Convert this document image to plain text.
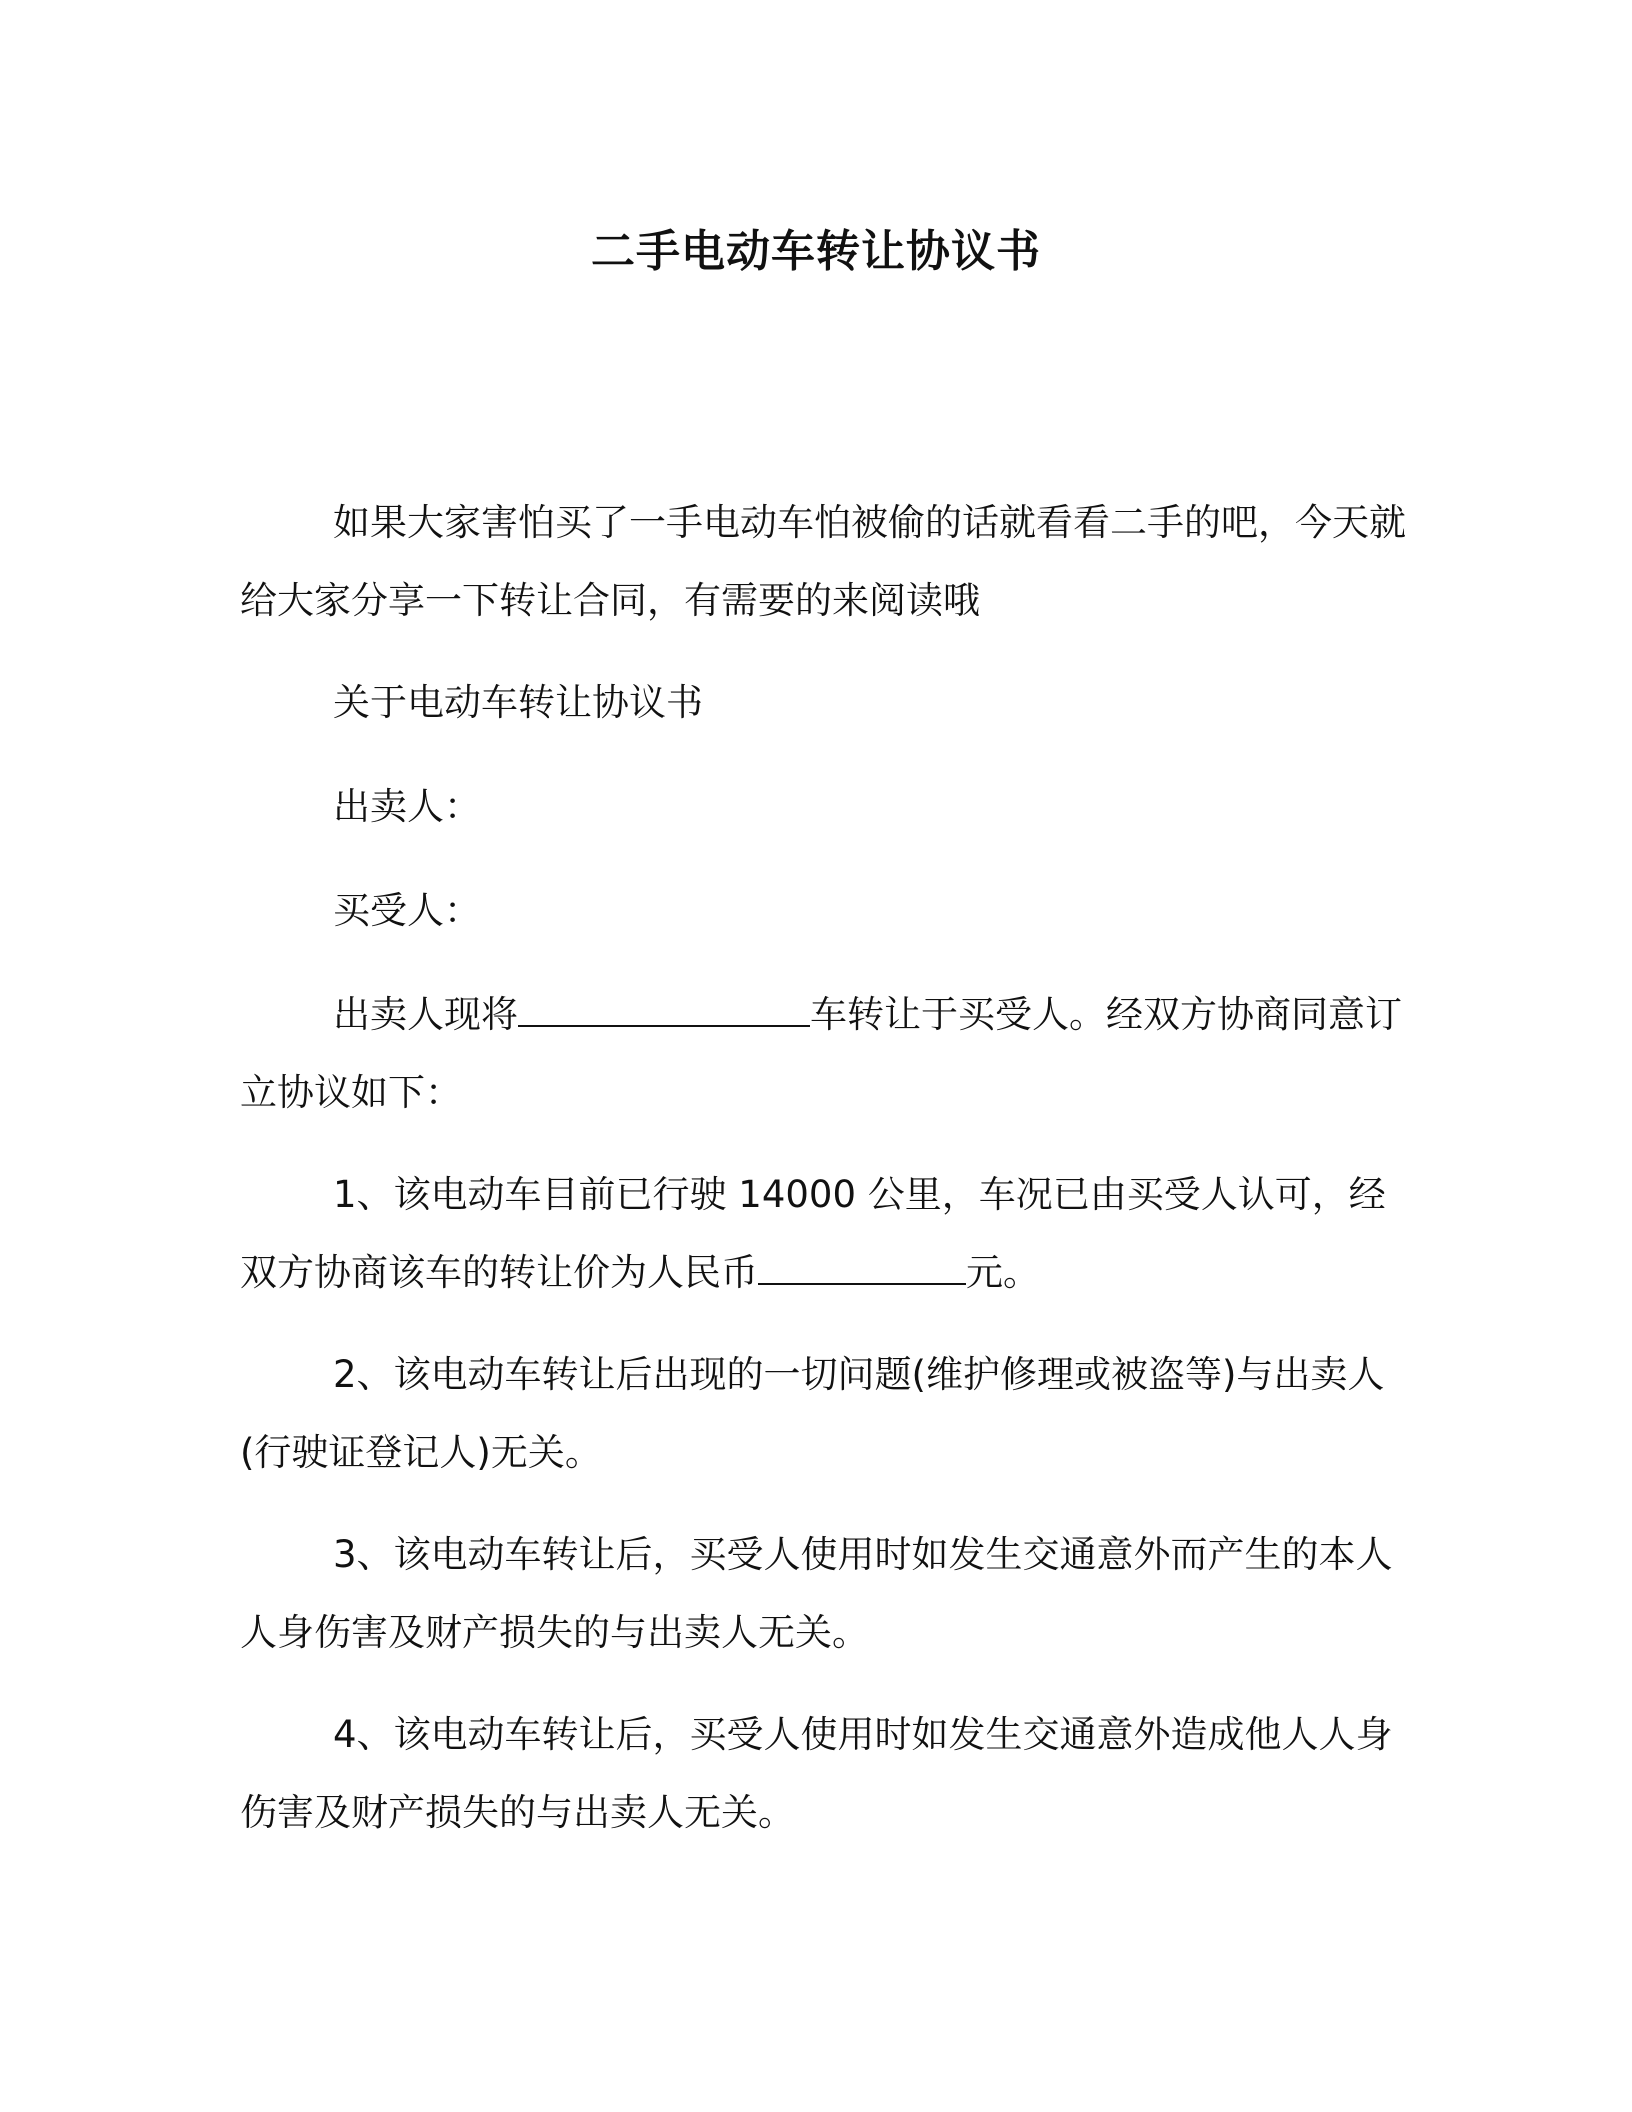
二手电动车转让协议书

如果大家害怕买了一手电动车怕被偷的话就看看二手的吧，今天就给大家分享一下转让合同，有需要的来阅读哦

关于电动车转让协议书

出卖人：

买受人：

出卖人现将	车转让于买受人。经双方协商同意订立协议如下：

1、该电动车目前已行驶 14000 公里，车况已由买受人认可，经双方协商该车的转让价为人民币	元。

2、该电动车转让后出现的一切问题(维护修理或被盗等)与出卖人(行驶证登记人)无关。

3、该电动车转让后，买受人使用时如发生交通意外而产生的本人人身伤害及财产损失的与出卖人无关。

4、该电动车转让后，买受人使用时如发生交通意外造成他人人身伤害及财产损失的与出卖人无关。
